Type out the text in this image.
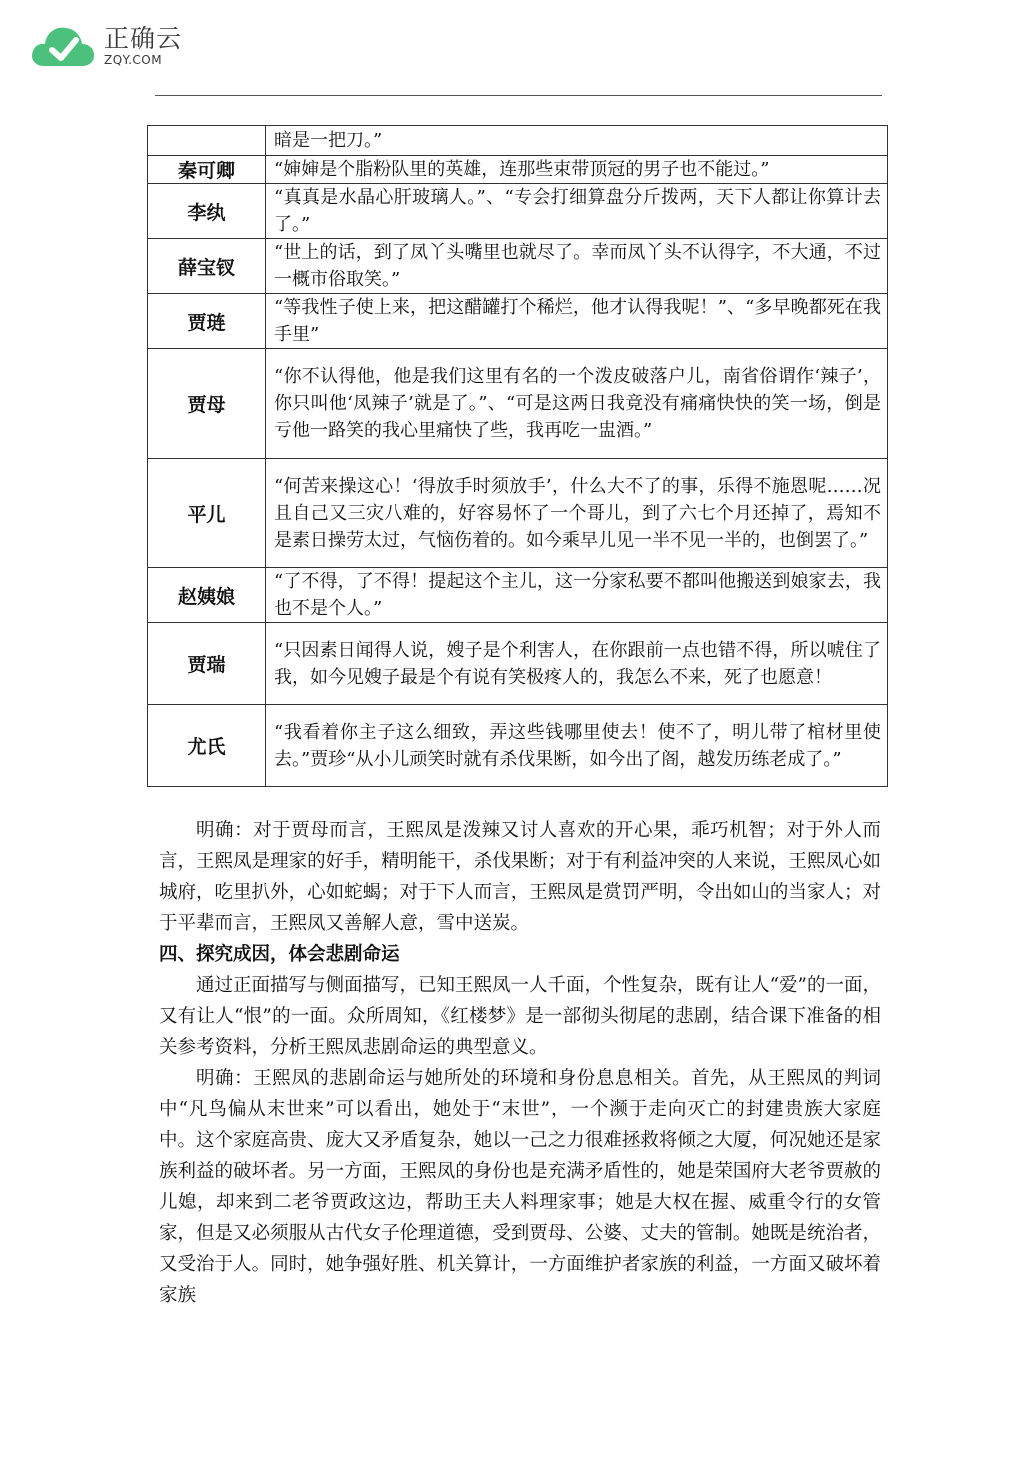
正确云
ZQY.COM
	暗是一把刀。”
秦可卿	“婶婶是个脂粉队里的英雄，连那些束带顶冠的男子也不能过。”
李纨	“真真是水晶心肝玻璃人。”、“专会打细算盘分斤拨两，天下人都让你算计去了。”
薛宝钗	“世上的话，到了凤丫头嘴里也就尽了。幸而凤丫头不认得字，不大通，不过一概市俗取笑。”
贾琏	“等我性子使上来，把这醋罐打个稀烂，他才认得我呢！”、“多早晚都死在我手里”
贾母	“你不认得他，他是我们这里有名的一个泼皮破落户儿，南省俗谓作‘辣子’，你只叫他‘凤辣子’就是了。”、“可是这两日我竟没有痛痛快快的笑一场，倒是亏他一路笑的我心里痛快了些，我再吃一盅酒。”
平儿	“何苦来操这心！‘得放手时须放手’，什么大不了的事，乐得不施恩呢……况且自己又三灾八难的，好容易怀了一个哥儿，到了六七个月还掉了，焉知不是素日操劳太过，气恼伤着的。如今乘早儿见一半不见一半的，也倒罢了。”
赵姨娘	“了不得，了不得！提起这个主儿，这一分家私要不都叫他搬送到娘家去，我也不是个人。”
贾瑞	“只因素日闻得人说，嫂子是个利害人，在你跟前一点也错不得，所以唬住了我，如今见嫂子最是个有说有笑极疼人的，我怎么不来，死了也愿意！
尤氏	“我看着你主子这么细致，弄这些钱哪里使去！使不了，明儿带了棺材里使去。”贾珍“从小儿顽笑时就有杀伐果断，如今出了阁，越发历练老成了。”

明确：对于贾母而言，王熙凤是泼辣又讨人喜欢的开心果，乖巧机智；对于外人而言，王熙凤是理家的好手，精明能干，杀伐果断；对于有利益冲突的人来说，王熙凤心如城府，吃里扒外，心如蛇蝎；对于下人而言，王熙凤是赏罚严明，令出如山的当家人；对于平辈而言，王熙凤又善解人意，雪中送炭。

四、探究成因，体会悲剧命运

通过正面描写与侧面描写，已知王熙凤一人千面，个性复杂，既有让人“爱”的一面，又有让人“恨”的一面。众所周知，《红楼梦》是一部彻头彻尾的悲剧，结合课下准备的相关参考资料，分析王熙凤悲剧命运的典型意义。

明确：王熙凤的悲剧命运与她所处的环境和身份息息相关。首先，从王熙凤的判词中“凡鸟偏从末世来”可以看出，她处于“末世”，一个濒于走向灭亡的封建贵族大家庭中。这个家庭高贵、庞大又矛盾复杂，她以一己之力很难拯救将倾之大厦，何况她还是家族利益的破坏者。另一方面，王熙凤的身份也是充满矛盾性的，她是荣国府大老爷贾赦的儿媳，却来到二老爷贾政这边，帮助王夫人料理家事；她是大权在握、威重令行的女管家，但是又必须服从古代女子伦理道德，受到贾母、公婆、丈夫的管制。她既是统治者，又受治于人。同时，她争强好胜、机关算计，一方面维护者家族的利益，一方面又破坏着家族
